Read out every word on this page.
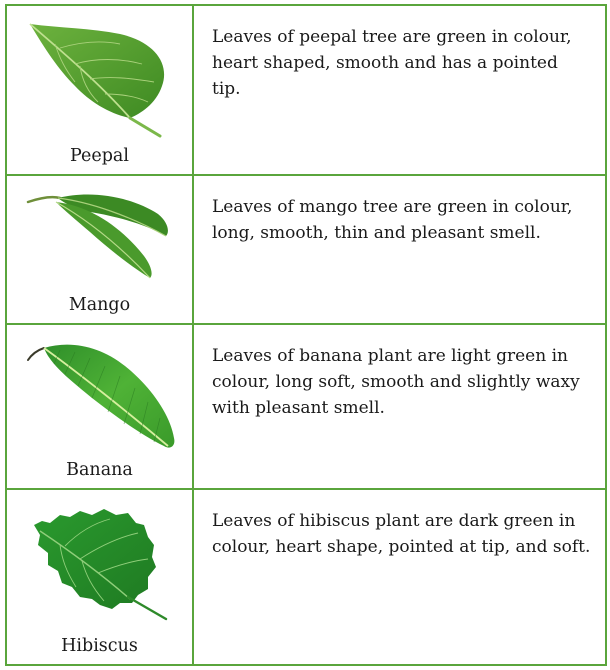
Peepal
Leaves of peepal tree are green in colour, heart shaped, smooth and has a pointed tip.
Mango
Leaves of mango tree are green in colour, long, smooth, thin and pleasant smell.
Banana
Leaves of banana plant are light green in colour, long soft, smooth and slightly waxy with pleasant smell.
Hibiscus
Leaves of hibiscus plant are dark green in colour, heart shape, pointed at tip, and soft.
